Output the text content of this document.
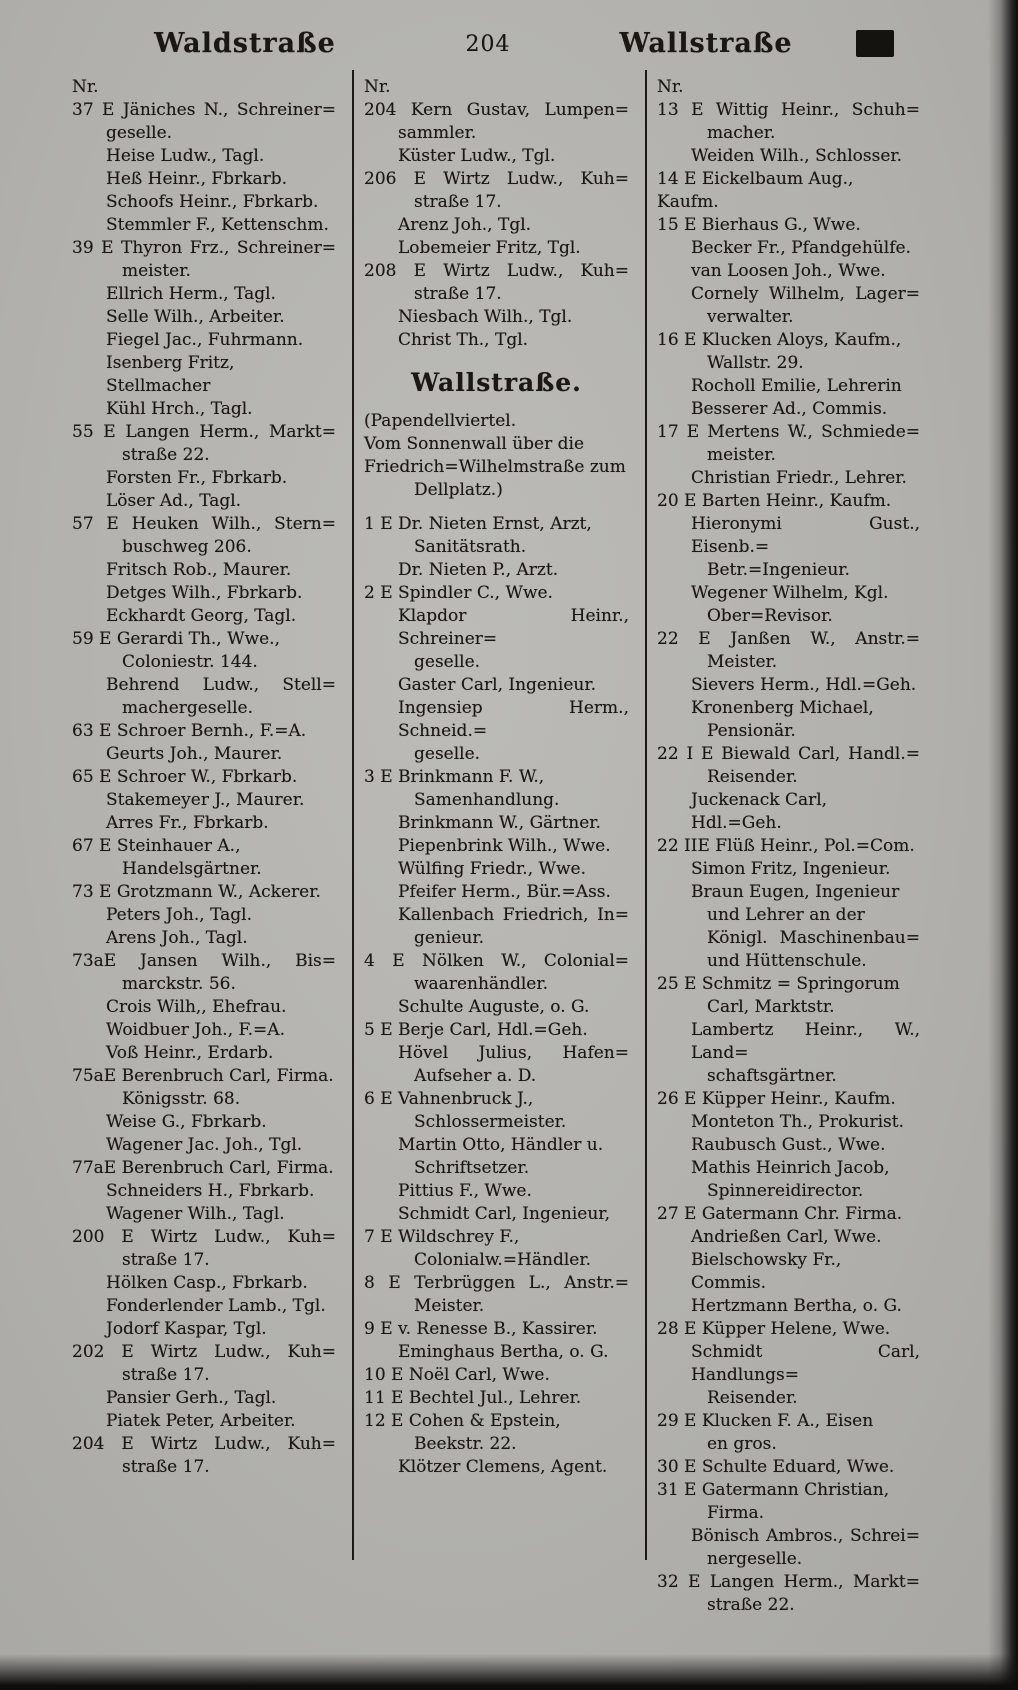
Waldstraße	204	Wallstraße
Nr.
37 E Jäniches N., Schreiner=
geselle.
Heise Ludw., Tagl.
Heß Heinr., Fbrkarb.
Schoofs Heinr., Fbrkarb.
Stemmler F., Kettenschm.
39 E Thyron Frz., Schreiner=
meister.
Ellrich Herm., Tagl.
Selle Wilh., Arbeiter.
Fiegel Jac., Fuhrmann.
Isenberg Fritz, Stellmacher
Kühl Hrch., Tagl.
55 E Langen Herm., Markt=
straße 22.
Forsten Fr., Fbrkarb.
Löser Ad., Tagl.
57 E Heuken Wilh., Stern=
buschweg 206.
Fritsch Rob., Maurer.
Detges Wilh., Fbrkarb.
Eckhardt Georg, Tagl.
59 E Gerardi Th., Wwe.,
Coloniestr. 144.
Behrend Ludw., Stell=
machergeselle.
63 E Schroer Bernh., F.=A.
Geurts Joh., Maurer.
65 E Schroer W., Fbrkarb.
Stakemeyer J., Maurer.
Arres Fr., Fbrkarb.
67 E Steinhauer A.,
Handelsgärtner.
73 E Grotzmann W., Ackerer.
Peters Joh., Tagl.
Arens Joh., Tagl.
73aE Jansen Wilh., Bis=
marckstr. 56.
Crois Wilh,, Ehefrau.
Woidbuer Joh., F.=A.
Voß Heinr., Erdarb.
75aE Berenbruch Carl, Firma.
Königsstr. 68.
Weise G., Fbrkarb.
Wagener Jac. Joh., Tgl.
77aE Berenbruch Carl, Firma.
Schneiders H., Fbrkarb.
Wagener Wilh., Tagl.
200 E Wirtz Ludw., Kuh=
straße 17.
Hölken Casp., Fbrkarb.
Fonderlender Lamb., Tgl.
Jodorf Kaspar, Tgl.
202 E Wirtz Ludw., Kuh=
straße 17.
Pansier Gerh., Tagl.
Piatek Peter, Arbeiter.
204 E Wirtz Ludw., Kuh=
straße 17.
Nr.
204 Kern Gustav, Lumpen=
sammler.
Küster Ludw., Tgl.
206 E Wirtz Ludw., Kuh=
straße 17.
Arenz Joh., Tgl.
Lobemeier Fritz, Tgl.
208 E Wirtz Ludw., Kuh=
straße 17.
Niesbach Wilh., Tgl.
Christ Th., Tgl.
Wallstraße.
(Papendellviertel.
Vom Sonnenwall über die
Friedrich=Wilhelmstraße zum
Dellplatz.)
1 E Dr. Nieten Ernst, Arzt,
Sanitätsrath.
Dr. Nieten P., Arzt.
2 E Spindler C., Wwe.
Klapdor Heinr., Schreiner=
geselle.
Gaster Carl, Ingenieur.
Ingensiep Herm., Schneid.=
geselle.
3 E Brinkmann F. W.,
Samenhandlung.
Brinkmann W., Gärtner.
Piepenbrink Wilh., Wwe.
Wülfing Friedr., Wwe.
Pfeifer Herm., Bür.=Ass.
Kallenbach Friedrich, In=
genieur.
4 E Nölken W., Colonial=
waarenhändler.
Schulte Auguste, o. G.
5 E Berje Carl, Hdl.=Geh.
Hövel Julius, Hafen=
Aufseher a. D.
6 E Vahnenbruck J.,
Schlossermeister.
Martin Otto, Händler u.
Schriftsetzer.
Pittius F., Wwe.
Schmidt Carl, Ingenieur,
7 E Wildschrey F.,
Colonialw.=Händler.
8 E Terbrüggen L., Anstr.=
Meister.
9 E v. Renesse B., Kassirer.
Eminghaus Bertha, o. G.
10 E Noël Carl, Wwe.
11 E Bechtel Jul., Lehrer.
12 E Cohen & Epstein,
Beekstr. 22.
Klötzer Clemens, Agent.
Nr.
13 E Wittig Heinr., Schuh=
macher.
Weiden Wilh., Schlosser.
14 E Eickelbaum Aug., Kaufm.
15 E Bierhaus G., Wwe.
Becker Fr., Pfandgehülfe.
van Loosen Joh., Wwe.
Cornely Wilhelm, Lager=
verwalter.
16 E Klucken Aloys, Kaufm.,
Wallstr. 29.
Rocholl Emilie, Lehrerin
Besserer Ad., Commis.
17 E Mertens W., Schmiede=
meister.
Christian Friedr., Lehrer.
20 E Barten Heinr., Kaufm.
Hieronymi Gust., Eisenb.=
Betr.=Ingenieur.
Wegener Wilhelm, Kgl.
Ober=Revisor.
22 E Janßen W., Anstr.=
Meister.
Sievers Herm., Hdl.=Geh.
Kronenberg Michael,
Pensionär.
22 I E Biewald Carl, Handl.=
Reisender.
Juckenack Carl, Hdl.=Geh.
22 IIE Flüß Heinr., Pol.=Com.
Simon Fritz, Ingenieur.
Braun Eugen, Ingenieur
und Lehrer an der
Königl. Maschinenbau=
und Hüttenschule.
25 E Schmitz = Springorum
Carl, Marktstr.
Lambertz Heinr., W., Land=
schaftsgärtner.
26 E Küpper Heinr., Kaufm.
Monteton Th., Prokurist.
Raubusch Gust., Wwe.
Mathis Heinrich Jacob,
Spinnereidirector.
27 E Gatermann Chr. Firma.
Andrießen Carl, Wwe.
Bielschowsky Fr., Commis.
Hertzmann Bertha, o. G.
28 E Küpper Helene, Wwe.
Schmidt Carl, Handlungs=
Reisender.
29 E Klucken F. A., Eisen
en gros.
30 E Schulte Eduard, Wwe.
31 E Gatermann Christian,
Firma.
Bönisch Ambros., Schrei=
nergeselle.
32 E Langen Herm., Markt=
straße 22.
